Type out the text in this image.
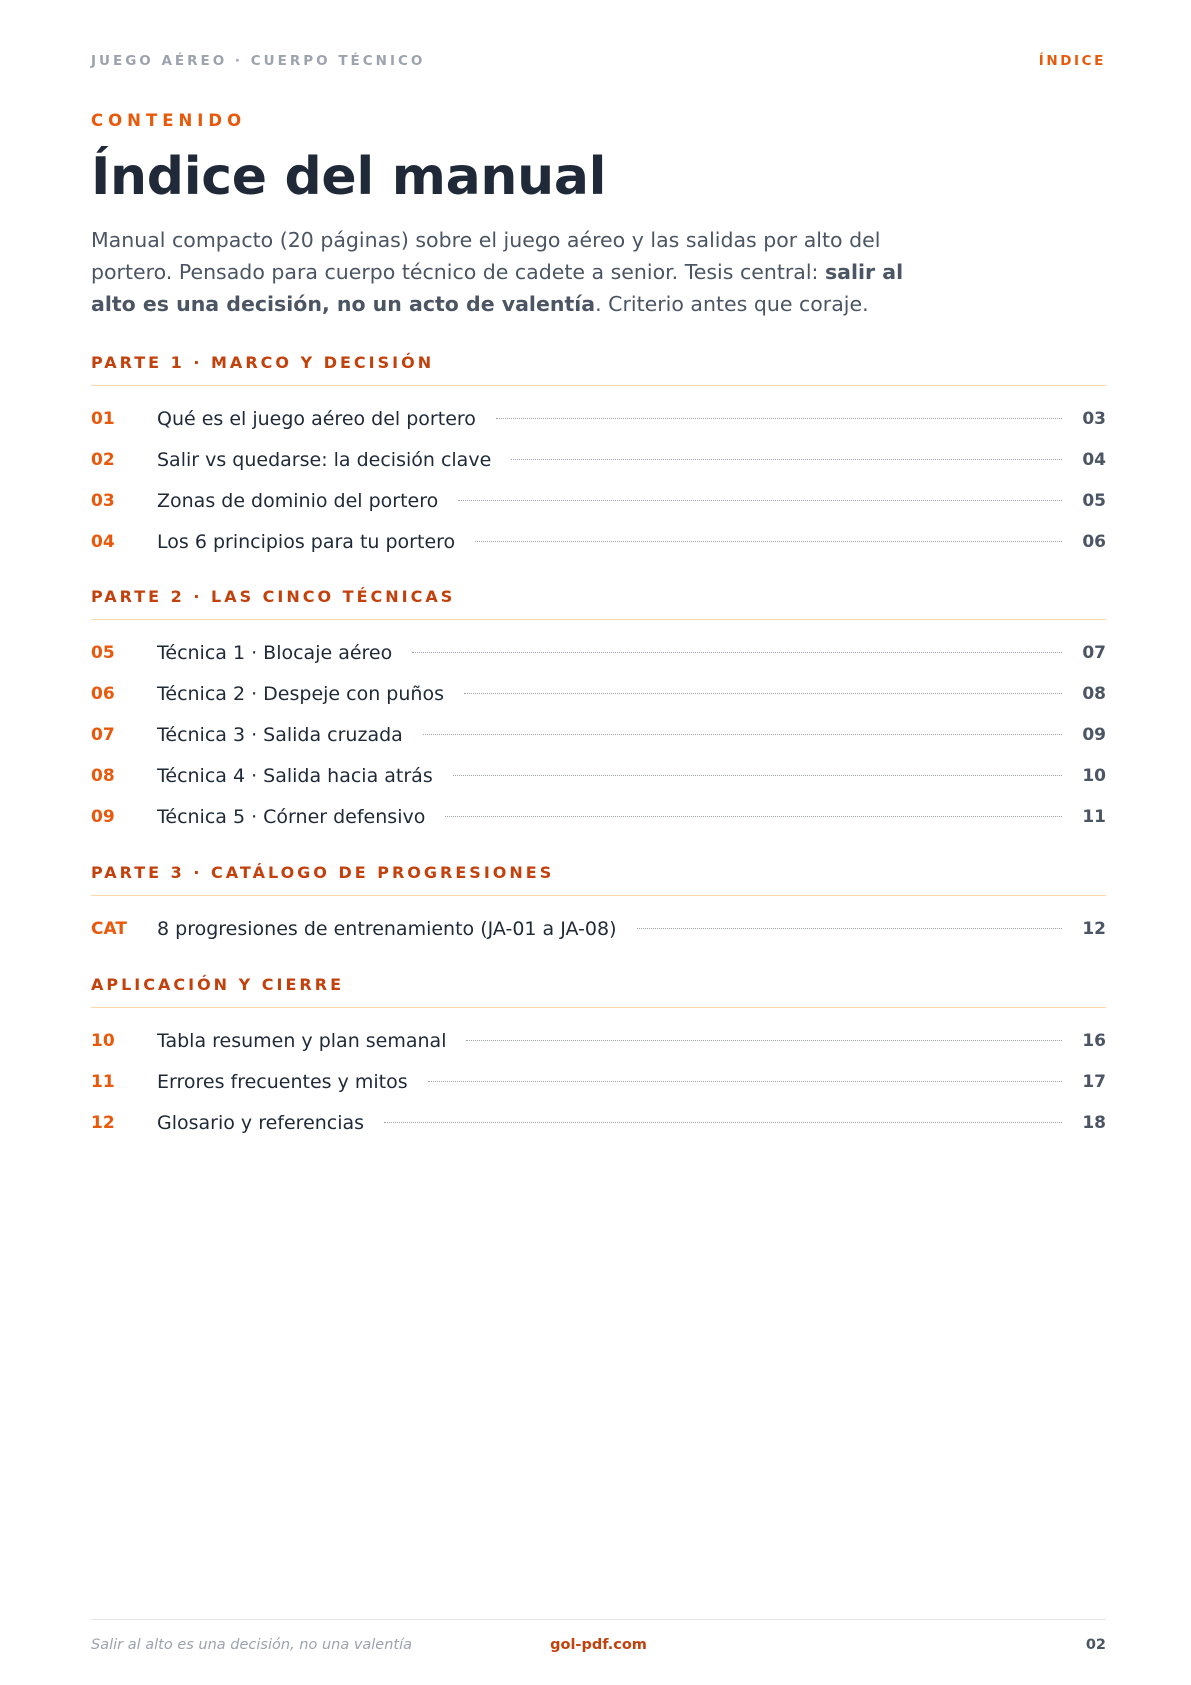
JUEGO AÉREO · CUERPO TÉCNICO	ÍNDICE
CONTENIDO
Índice del manual

Manual compacto (20 páginas) sobre el juego aéreo y las salidas por alto del portero. Pensado para cuerpo técnico de cadete a senior. Tesis central: salir al alto es una decisión, no un acto de valentía. Criterio antes que coraje.

PARTE 1 · MARCO Y DECISIÓN
01	Qué es el juego aéreo del portero	03
02	Salir vs quedarse: la decisión clave	04
03	Zonas de dominio del portero	05
04	Los 6 principios para tu portero	06
PARTE 2 · LAS CINCO TÉCNICAS
05	Técnica 1 · Blocaje aéreo	07
06	Técnica 2 · Despeje con puños	08
07	Técnica 3 · Salida cruzada	09
08	Técnica 4 · Salida hacia atrás	10
09	Técnica 5 · Córner defensivo	11
PARTE 3 · CATÁLOGO DE PROGRESIONES
CAT	8 progresiones de entrenamiento (JA-01 a JA-08)	12
APLICACIÓN Y CIERRE
10	Tabla resumen y plan semanal	16
11	Errores frecuentes y mitos	17
12	Glosario y referencias	18
Salir al alto es una decisión, no una valentía	gol-pdf.com	02
